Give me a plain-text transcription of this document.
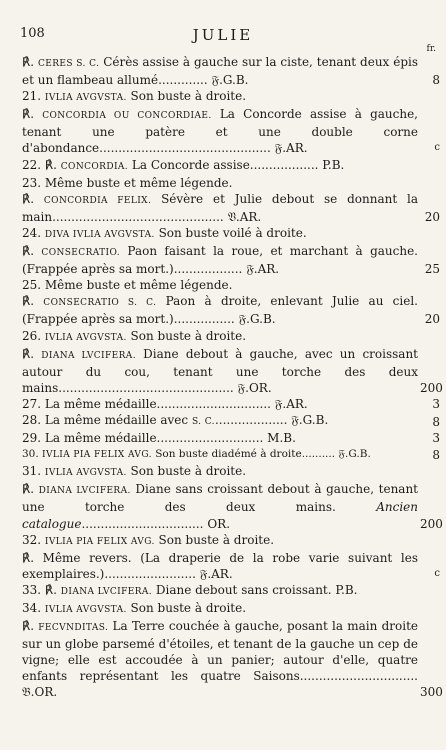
108	JULIE
fr.
℟. CERES S. C. Cérès assise à gauche sur la ciste, tenant deux épis et un flambeau allumé............. 𝔉.G.B.	8
21. IVLIA AVGVSTA. Son buste à droite.
℟. CONCORDIA OU CONCORDIAE. La Concorde assise à gauche, tenant une patère et une double corne d'abondance............................................. 𝔉.AR.	c
22. ℟. CONCORDIA. La Concorde assise.................. P.B.
23. Même buste et même légende.
℟. CONCORDIA FELIX. Sévère et Julie debout se donnant la main............................................. 𝔙.AR.	20
24. DIVA IVLIA AVGVSTA. Son buste voilé à droite.
℟. CONSECRATIO. Paon faisant la roue, et marchant à gauche. (Frappée après sa mort.).................. 𝔉.AR.	25
25. Même buste et même légende.
℟. CONSECRATIO S. C. Paon à droite, enlevant Julie au ciel. (Frappée après sa mort.)................ 𝔉.G.B.	20
26. IVLIA AVGVSTA. Son buste à droite.
℟. DIANA LVCIFERA. Diane debout à gauche, avec un croissant autour du cou, tenant une torche des deux mains.............................................. 𝔉.OR.	200
27. La même médaille.............................. 𝔉.AR.	3
28. La même médaille avec S. C.................... 𝔉.G.B.	8
29. La même médaille............................ M.B.	3
30. IVLIA PIA FELIX AVG. Son buste diadémé à droite.......... 𝔉.G.B.	8
31. IVLIA AVGVSTA. Son buste à droite.
℟. DIANA LVCIFERA. Diane sans croissant debout à gauche, tenant une torche des deux mains. Ancien catalogue................................ OR.	200
32. IVLIA PIA FELIX AVG. Son buste à droite.
℟. Même revers. (La draperie de la robe varie suivant les exemplaires.)........................ 𝔉.AR.	c
33. ℟. DIANA LVCIFERA. Diane debout sans croissant. P.B.
34. IVLIA AVGVSTA. Son buste à droite.
℟. FECVNDITAS. La Terre couchée à gauche, posant la main droite sur un globe parsemé d'étoiles, et tenant de la gauche un cep de vigne; elle est accoudée à un panier; autour d'elle, quatre enfants représentant les quatre Saisons............................... 𝔅.OR.	300
